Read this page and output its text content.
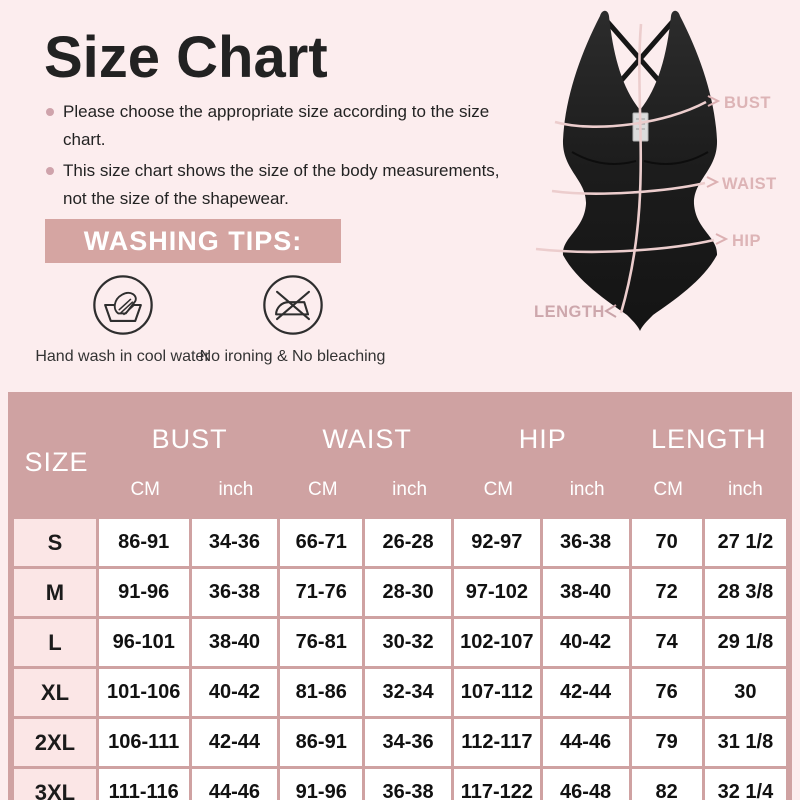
Size Chart
Please choose the appropriate size according to the size chart.
This size chart shows the size of the body measurements, not the size of the shapewear.
WASHING TIPS:
Hand wash in cool water
No ironing & No bleaching
BUST
WAIST
HIP
LENGTH
SIZE	BUST		WAIST		HIP		LENGTH	
	CM	inch	CM	inch	CM	inch	CM	inch
S	86-91	34-36	66-71	26-28	92-97	36-38	70	27 1/2
M	91-96	36-38	71-76	28-30	97-102	38-40	72	28 3/8
L	96-101	38-40	76-81	30-32	102-107	40-42	74	29 1/8
XL	101-106	40-42	81-86	32-34	107-112	42-44	76	30
2XL	106-111	42-44	86-91	34-36	112-117	44-46	79	31 1/8
3XL	111-116	44-46	91-96	36-38	117-122	46-48	82	32 1/4
